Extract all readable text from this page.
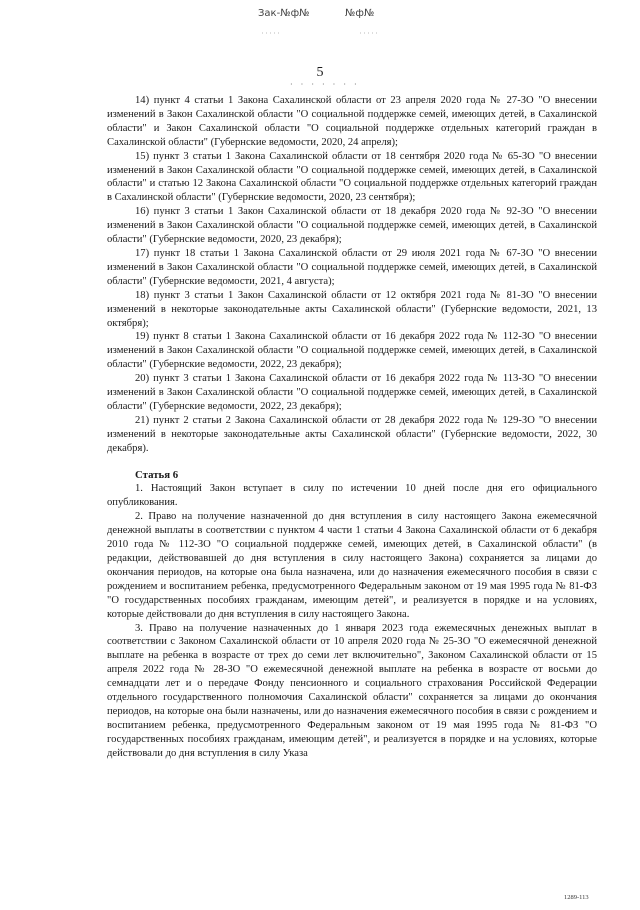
Зак-№ф№	№ф№
5
· · · · · · ·

14) пункт 4 статьи 1 Закона Сахалинской области от 23 апреля 2020 года № 27-ЗО "О внесении изменений в Закон Сахалинской области "О социальной поддержке семей, имеющих детей, в Сахалинской области" и Закон Сахалинской области "О социальной поддержке отдельных категорий граждан в Сахалинской области" (Губернские ведомости, 2020, 24 апреля);

15) пункт 3 статьи 1 Закона Сахалинской области от 18 сентября 2020 года № 65-ЗО "О внесении изменений в Закон Сахалинской области "О социальной поддержке семей, имеющих детей, в Сахалинской области" и статью 12 Закона Сахалинской области "О социальной поддержке отдельных категорий граждан в Сахалинской области" (Губернские ведомости, 2020, 23 сентября);

16) пункт 3 статьи 1 Закон Сахалинской области от 18 декабря 2020 года № 92-ЗО "О внесении изменений в Закон Сахалинской области "О социальной поддержке семей, имеющих детей, в Сахалинской области" (Губернские ведомости, 2020, 23 декабря);

17) пункт 18 статьи 1 Закона Сахалинской области от 29 июля 2021 года № 67-ЗО "О внесении изменений в Закон Сахалинской области "О социальной поддержке семей, имеющих детей, в Сахалинской области" (Губернские ведомости, 2021, 4 августа);

18) пункт 3 статьи 1 Закон Сахалинской области от 12 октября 2021 года № 81-ЗО "О внесении изменений в некоторые законодательные акты Сахалинской области" (Губернские ведомости, 2021, 13 октября);

19) пункт 8 статьи 1 Закона Сахалинской области от 16 декабря 2022 года № 112-ЗО "О внесении изменений в Закон Сахалинской области "О социальной поддержке семей, имеющих детей, в Сахалинской области" (Губернские ведомости, 2022, 23 декабря);

20) пункт 3 статьи 1 Закона Сахалинской области от 16 декабря 2022 года № 113-ЗО "О внесении изменений в Закон Сахалинской области "О социальной поддержке семей, имеющих детей, в Сахалинской области" (Губернские ведомости, 2022, 23 декабря);

21) пункт 2 статьи 2 Закона Сахалинской области от 28 декабря 2022 года № 129-ЗО "О внесении изменений в некоторые законодательные акты Сахалинской области" (Губернские ведомости, 2022, 30 декабря).

Статья 6

1. Настоящий Закон вступает в силу по истечении 10 дней после дня его официального опубликования.

2. Право на получение назначенной до дня вступления в силу настоящего Закона ежемесячной денежной выплаты в соответствии с пунктом 4 части 1 статьи 4 Закона Сахалинской области от 6 декабря 2010 года № 112-ЗО "О социальной поддержке семей, имеющих детей, в Сахалинской области" (в редакции, действовавшей до дня вступления в силу настоящего Закона) сохраняется за лицами до окончания периодов, на которые она была назначена, или до назначения ежемесячного пособия в связи с рождением и воспитанием ребенка, предусмотренного Федеральным законом от 19 мая 1995 года № 81-ФЗ "О государственных пособиях гражданам, имеющим детей", и реализуется в порядке и на условиях, которые действовали до дня вступления в силу настоящего Закона.

3. Право на получение назначенных до 1 января 2023 года ежемесячных денежных выплат в соответствии с Законом Сахалинской области от 10 апреля 2020 года № 25-ЗО "О ежемесячной денежной выплате на ребенка в возрасте от трех до семи лет включительно", Законом Сахалинской области от 15 апреля 2022 года № 28-ЗО "О ежемесячной денежной выплате на ребенка в возрасте от восьми до семнадцати лет и о передаче Фонду пенсионного и социального страхования Российской Федерации отдельного государственного полномочия Сахалинской области" сохраняется за лицами до окончания периодов, на которые она были назначены, или до назначения ежемесячного пособия в связи с рождением и воспитанием ребенка, предусмотренного Федеральным законом от 19 мая 1995 года № 81-ФЗ "О государственных пособиях гражданам, имеющим детей", и реализуется в порядке и на условиях, которые действовали до дня вступления в силу Указа

1289-113
